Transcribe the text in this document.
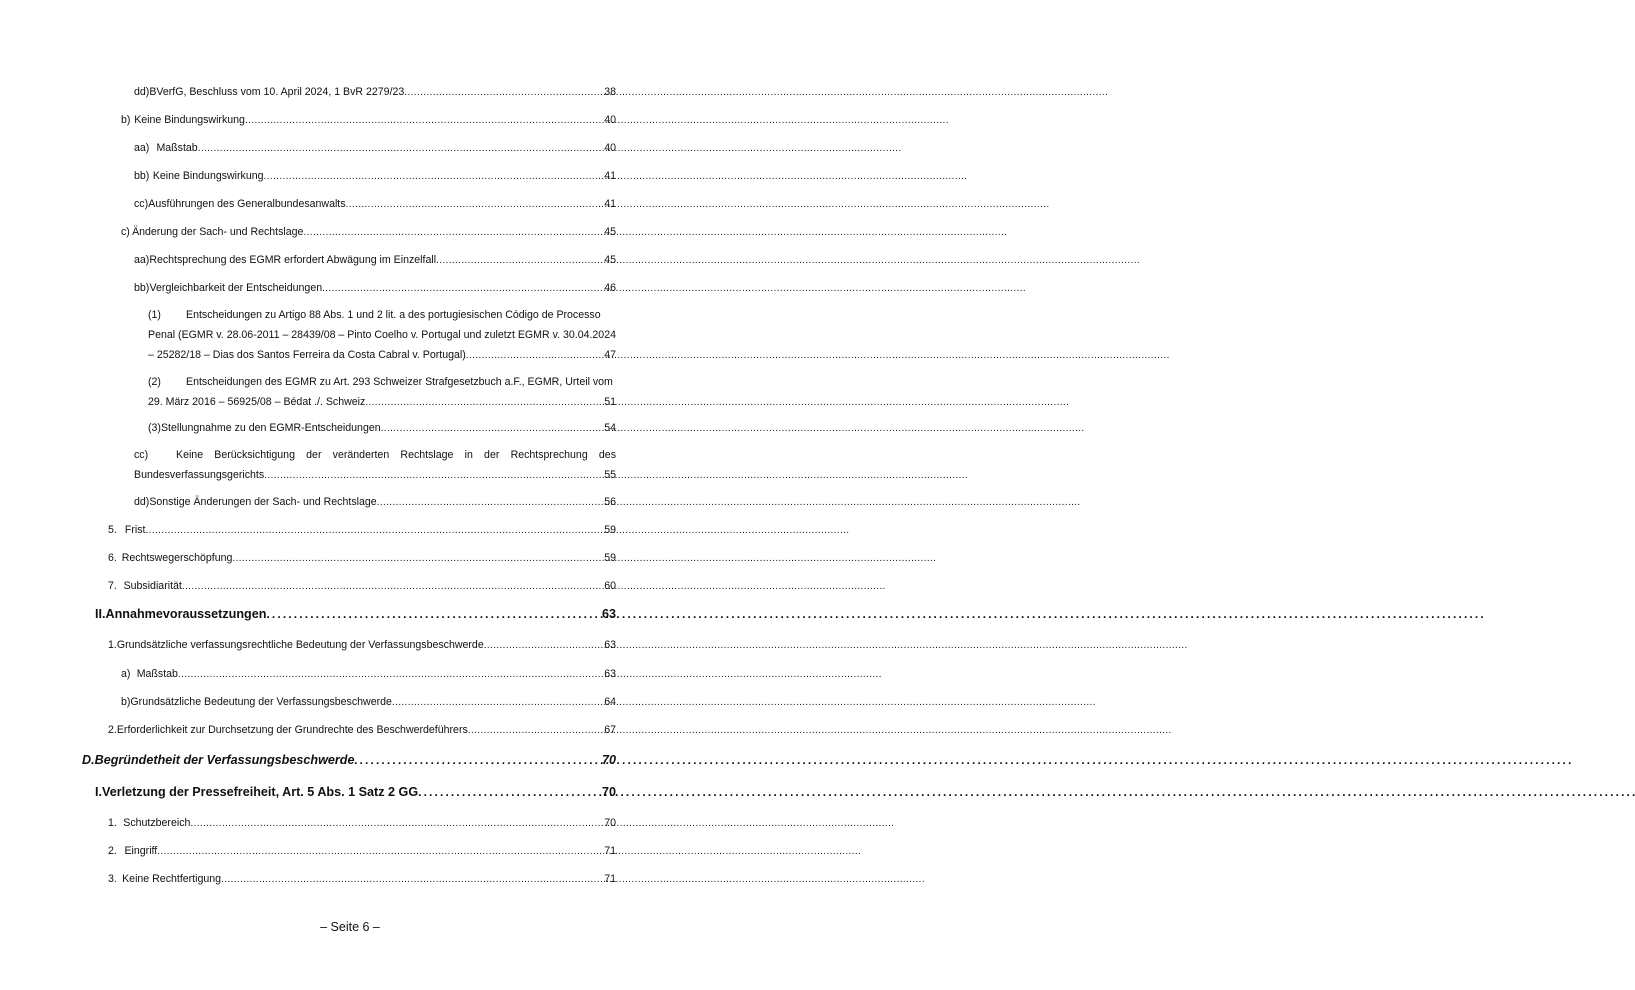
dd) BVerfG, Beschluss vom 10. April 2024, 1 BvR 2279/23 . . .	38
b) Keine Bindungswirkung . . .	40
aa) Maßstab . . .	40
bb) Keine Bindungswirkung . . .	41
cc) Ausführungen des Generalbundesanwalts . . .	41
c) Änderung der Sach- und Rechtslage . . .	45
aa) Rechtsprechung des EGMR erfordert Abwägung im Einzelfall . . .	45
bb) Vergleichbarkeit der Entscheidungen . . .	46
(1) Entscheidungen zu Artigo 88 Abs. 1 und 2 lit. a des portugiesischen Código de Processo
Penal (EGMR v. 28.06-2011 – 28439/08 – Pinto Coelho v. Portugal und zuletzt EGMR v. 30.04.2024
– 25282/18 – Dias dos Santos Ferreira da Costa Cabral v. Portugal) . . .	47
(2) Entscheidungen des EGMR zu Art. 293 Schweizer Strafgesetzbuch a.F., EGMR, Urteil vom
29. März 2016 – 56925/08 – Bédat ./. Schweiz . . .	51
(3) Stellungnahme zu den EGMR-Entscheidungen . . .	54
cc)	Keine Berücksichtigung der veränderten Rechtslage in der Rechtsprechung des
Bundesverfassungsgerichts . . .	55
dd) Sonstige Änderungen der Sach- und Rechtslage . . .	56
5. Frist . . .	59
6. Rechtswegerschöpfung . . .	59
7. Subsidiarität . . .	60
II. Annahmevoraussetzungen . . .	63
1. Grundsätzliche verfassungsrechtliche Bedeutung der Verfassungsbeschwerde . . .	63
a) Maßstab . . .	63
b) Grundsätzliche Bedeutung der Verfassungsbeschwerde . . .	64
2. Erforderlichkeit zur Durchsetzung der Grundrechte des Beschwerdeführers . . .	67
D. Begründetheit der Verfassungsbeschwerde . . .	70
I. Verletzung der Pressefreiheit, Art. 5 Abs. 1 Satz 2 GG . . .	70
1. Schutzbereich . . .	70
2. Eingriff . . .	71
3. Keine Rechtfertigung . . .	71
– Seite 6 –
